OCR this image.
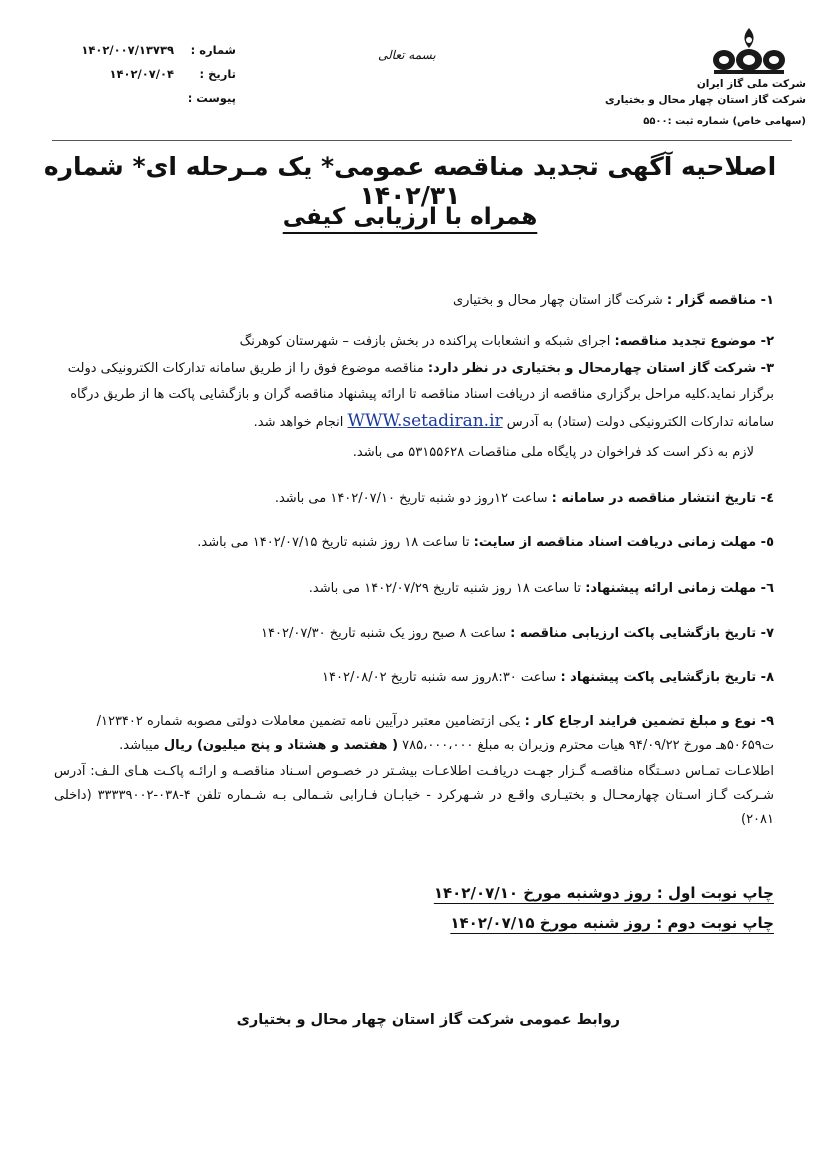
شماره :
۱۴۰۲/۰۰۷/۱۳۷۳۹
تاریخ :
۱۴۰۲/۰۷/۰۴
پیوست :
بسمه تعالی
شرکت ملی گاز ایران
شرکت گاز استان چهار محال و بختیاری
(سهامی خاص) شماره ثبت :۵۵۰۰
اصلاحیه آگهی تجدید مناقصه عمومی* یک مـرحله ای* شماره ۱۴۰۲/۳۱
همراه با ارزیابی کیفی
۱- مناقصه گزار : شرکت گاز استان چهار محال و بختیاری
۲- موضوع تجدید مناقصه: اجرای شبکه و انشعابات پراکنده در بخش بازفت – شهرستان کوهرنگ
۳- شرکت گاز استان چهارمحال و بختیاری در نظر دارد: مناقصه موضوع فوق را از طریق سامانه تدارکات الکترونیکی دولت برگزار نماید.کلیه مراحل برگزاری مناقصه از دریافت اسناد مناقصه تا ارائه پیشنهاد مناقصه گران و بازگشایی پاکت ها از طریق درگاه سامانه تدارکات الکترونیکی دولت (ستاد) به آدرس WWW.setadiran.ir انجام خواهد شد.
لازم به ذکر است کد فراخوان در پایگاه ملی مناقصات ۵۳۱۵۵۶۲۸ می باشد.
٤- تاریخ انتشار مناقصه در سامانه : ساعت ۱۲روز دو شنبه تاریخ ۱۴۰۲/۰۷/۱۰ می باشد.
٥- مهلت زمانی دریافت اسناد مناقصه از سایت: تا ساعت ۱۸ روز شنبه تاریخ ۱۴۰۲/۰۷/۱۵ می باشد.
٦- مهلت زمانی ارائه پیشنهاد: تا ساعت ۱۸ روز شنبه تاریخ ۱۴۰۲/۰۷/۲۹ می باشد.
۷- تاریخ بازگشایی پاکت ارزیابی مناقصه : ساعت ۸ صبح روز یک شنبه تاریخ ۱۴۰۲/۰۷/۳۰
۸- تاریخ بازگشایی پاکت پیشنهاد : ساعت ۸:۳۰روز سه شنبه تاریخ ۱۴۰۲/۰۸/۰۲
۹- نوع و مبلغ تضمین فرایند ارجاع کار : یکی ازتضامین معتبر درآیین نامه تضمین معاملات دولتی مصوبه شماره ۱۲۳۴۰۲/ت۵۰۶۵۹هـ مورخ ۹۴/۰۹/۲۲ هیات محترم وزیران به مبلغ ۷۸۵،۰۰۰،۰۰۰ ( هفتصد و هشتاد و پنج میلیون) ریال میباشد.
اطلاعـات تمـاس دسـتگاه مناقصـه گـزار جهـت دریافـت اطلاعـات بیشـتر در خصـوص اسـناد مناقصـه و ارائـه پاکـت هـای الـف: آدرس شـرکت گـاز اسـتان چهارمحـال و بختیـاری واقـع در شـهرکرد - خیابـان فـارابی شـمالی بـه شـماره تلفن ۴-۰۳۸-۳۳۳۳۹۰۰۲ (داخلی ۲۰۸۱)
چاپ نوبت اول : روز دوشنبه مورخ ۱۴۰۲/۰۷/۱۰
چاپ نوبت دوم : روز شنبه مورخ ۱۴۰۲/۰۷/۱۵
روابط عمومی شرکت گاز استان چهار محال و بختیاری
